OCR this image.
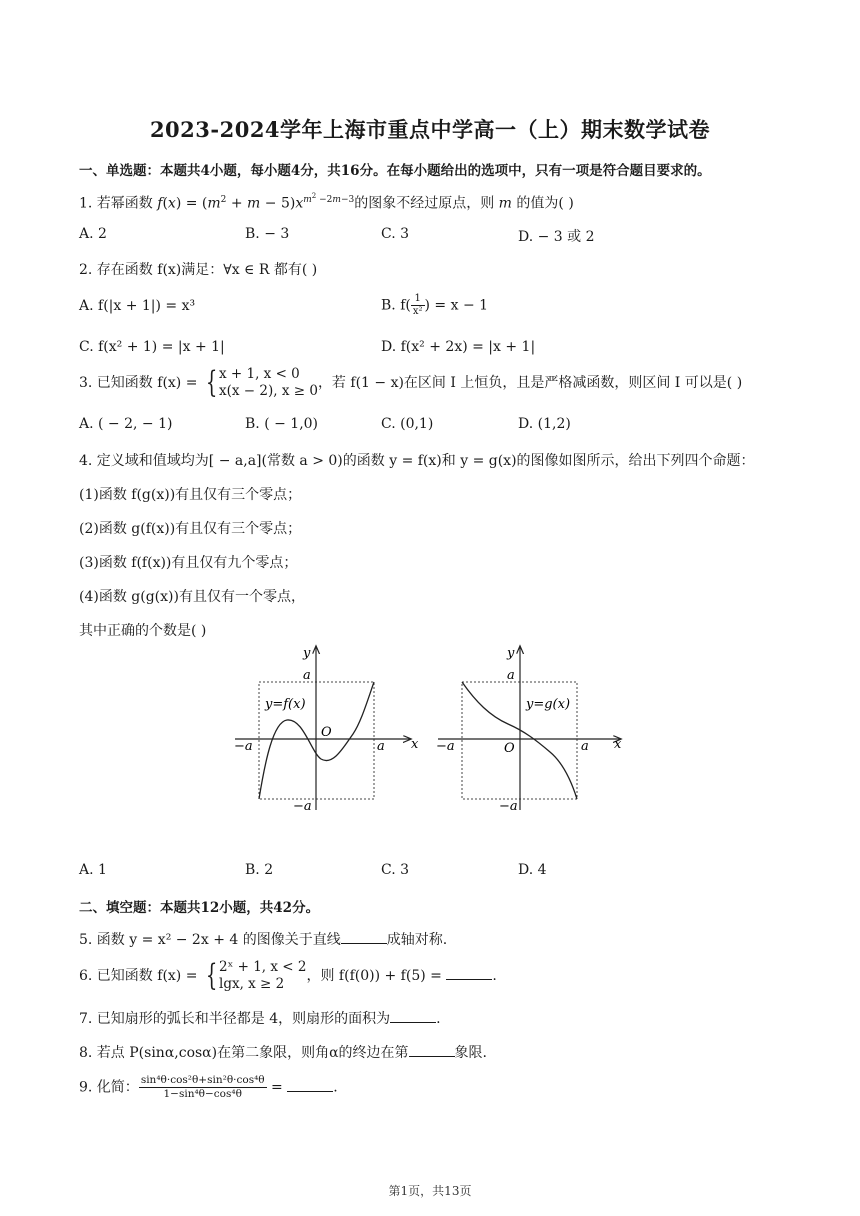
2023-2024学年上海市重点中学高一（上）期末数学试卷
一、单选题：本题共4小题，每小题4分，共16分。在每小题给出的选项中，只有一项是符合题目要求的。
1. 若幂函数 $f(x) = (m^2 + m - 5)x^{m^2 -2m-3}$的图象不经过原点，则 m 的值为( )
A. 2	B. − 3	C. 3	D. − 3 或 2
2. 存在函数 f(x)满足：∀x ∈ R 都有( )
A. f(|x + 1|) = x³	B. $f( \frac{1}{\text{x²}}$ ) = x − 1
C. f(x² + 1) = |x + 1|	D. f(x² + 2x) = |x + 1|
3. 已知函数 f(x) = { x + 1, x < 0
x(x − 2), x ≥ 0 ，若 f(1 − x)在区间 I 上恒负，且是严格减函数，则区间 I 可以是( )
A. ( − 2, − 1)	B. ( − 1,0)	C. (0,1)	D. (1,2)
4. 定义域和值域均为[ − a,a](常数 a > 0)的函数 y = f(x)和 y = g(x)的图像如图所示，给出下列四个命题：
(1)函数 f(g(x))有且仅有三个零点；
(2)函数 g(f(x))有且仅有三个零点；
(3)函数 f(f(x))有且仅有九个零点；
(4)函数 g(g(x))有且仅有一个零点，
其中正确的个数是( )
y
a
x
−a	a
O
−a
y=f(x)
y
a
x
−a	a
O
−a
y=g(x)
A. 1	B. 2	C. 3	D. 4
二、填空题：本题共12小题，共42分。
5. 函数 y = x² − 2x + 4 的图像关于直线	成轴对称.
6. 已知函数 f(x) = { 2ˣ + 1, x < 2
lgx, x ≥ 2	，则 f(f(0)) + f(5) =	.
7. 已知扇形的弧长和半径都是 4，则扇形的面积为	.
8. 若点 P(sinα,cosα)在第二象限，则角α的终边在第	象限.
9. 化简： $\frac{\text{sin⁴θ·cos²θ+sin²θ·cos⁴θ}}{\text{1−sin⁴θ−cos⁴θ}}$ =	.
第1页，共13页
